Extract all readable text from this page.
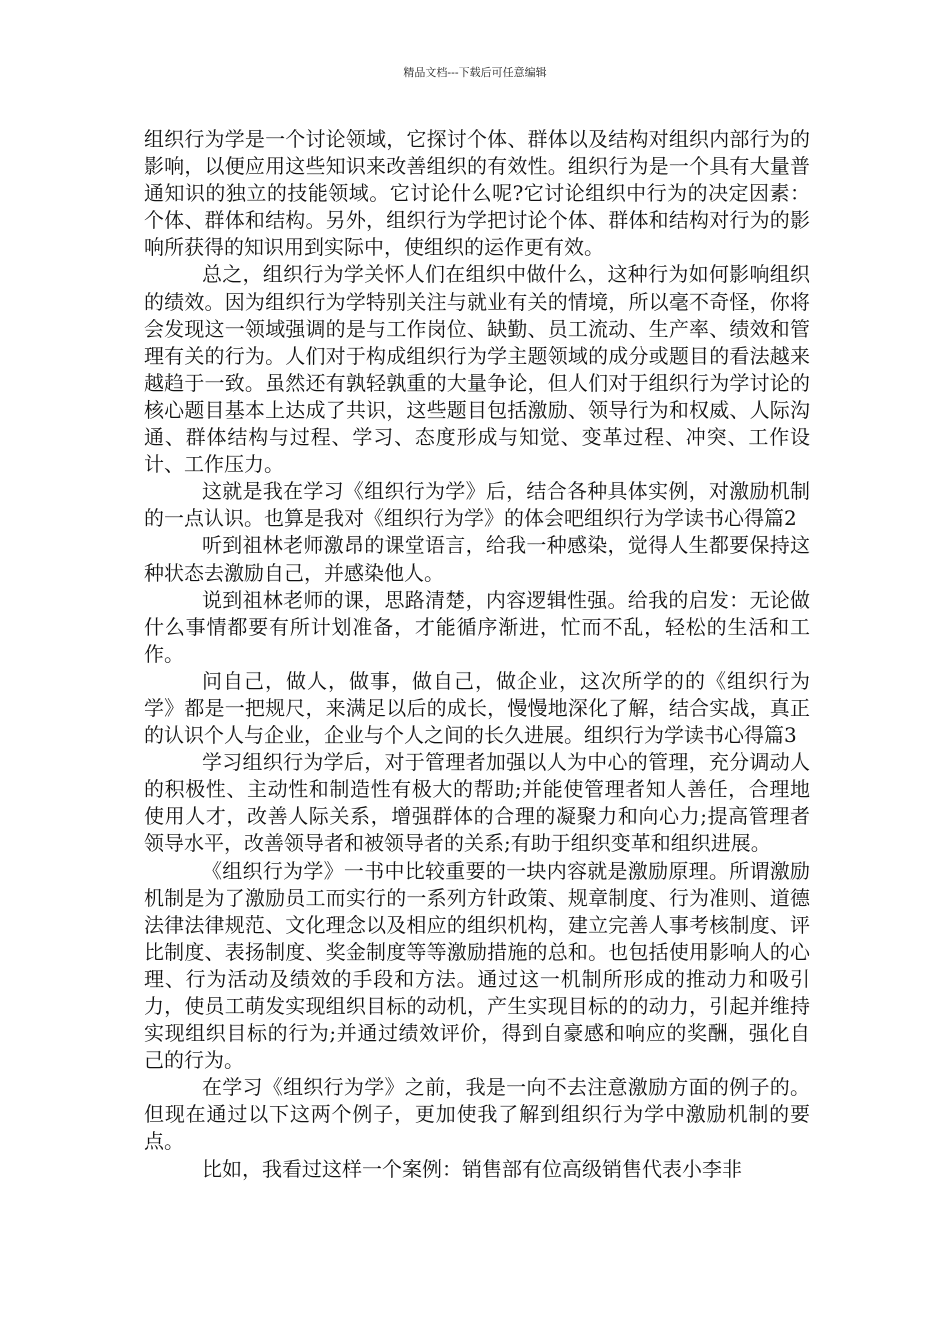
精品文档---下载后可任意编辑

组织行为学是一个讨论领域，它探讨个体、群体以及结构对组织内部行为的影响，以便应用这些知识来改善组织的有效性。组织行为是一个具有大量普通知识的独立的技能领域。它讨论什么呢?它讨论组织中行为的决定因素：个体、群体和结构。另外，组织行为学把讨论个体、群体和结构对行为的影响所获得的知识用到实际中，使组织的运作更有效。

总之，组织行为学关怀人们在组织中做什么，这种行为如何影响组织的绩效。因为组织行为学特别关注与就业有关的情境，所以毫不奇怪，你将会发现这一领域强调的是与工作岗位、缺勤、员工流动、生产率、绩效和管理有关的行为。人们对于构成组织行为学主题领域的成分或题目的看法越来越趋于一致。虽然还有孰轻孰重的大量争论，但人们对于组织行为学讨论的核心题目基本上达成了共识，这些题目包括激励、领导行为和权威、人际沟通、群体结构与过程、学习、态度形成与知觉、变革过程、冲突、工作设计、工作压力。

这就是我在学习《组织行为学》后，结合各种具体实例，对激励机制的一点认识。也算是我对《组织行为学》的体会吧组织行为学读书心得篇2

听到祖林老师激昂的课堂语言，给我一种感染，觉得人生都要保持这种状态去激励自己，并感染他人。

说到祖林老师的课，思路清楚，内容逻辑性强。给我的启发：无论做什么事情都要有所计划准备，才能循序渐进，忙而不乱，轻松的生活和工作。

问自己，做人，做事，做自己，做企业，这次所学的的《组织行为学》都是一把规尺，来满足以后的成长，慢慢地深化了解，结合实战，真正的认识个人与企业，企业与个人之间的长久进展。组织行为学读书心得篇3

学习组织行为学后，对于管理者加强以人为中心的管理，充分调动人的积极性、主动性和制造性有极大的帮助;并能使管理者知人善任，合理地使用人才，改善人际关系，增强群体的合理的凝聚力和向心力;提高管理者领导水平，改善领导者和被领导者的关系;有助于组织变革和组织进展。

《组织行为学》一书中比较重要的一块内容就是激励原理。所谓激励机制是为了激励员工而实行的一系列方针政策、规章制度、行为准则、道德法律法律规范、文化理念以及相应的组织机构，建立完善人事考核制度、评比制度、表扬制度、奖金制度等等激励措施的总和。也包括使用影响人的心理、行为活动及绩效的手段和方法。通过这一机制所形成的推动力和吸引力，使员工萌发实现组织目标的动机，产生实现目标的的动力，引起并维持实现组织目标的行为;并通过绩效评价，得到自豪感和响应的奖酬，强化自己的行为。

在学习《组织行为学》之前，我是一向不去注意激励方面的例子的。但现在通过以下这两个例子，更加使我了解到组织行为学中激励机制的要点。

比如，我看过这样一个案例：销售部有位高级销售代表小李非
